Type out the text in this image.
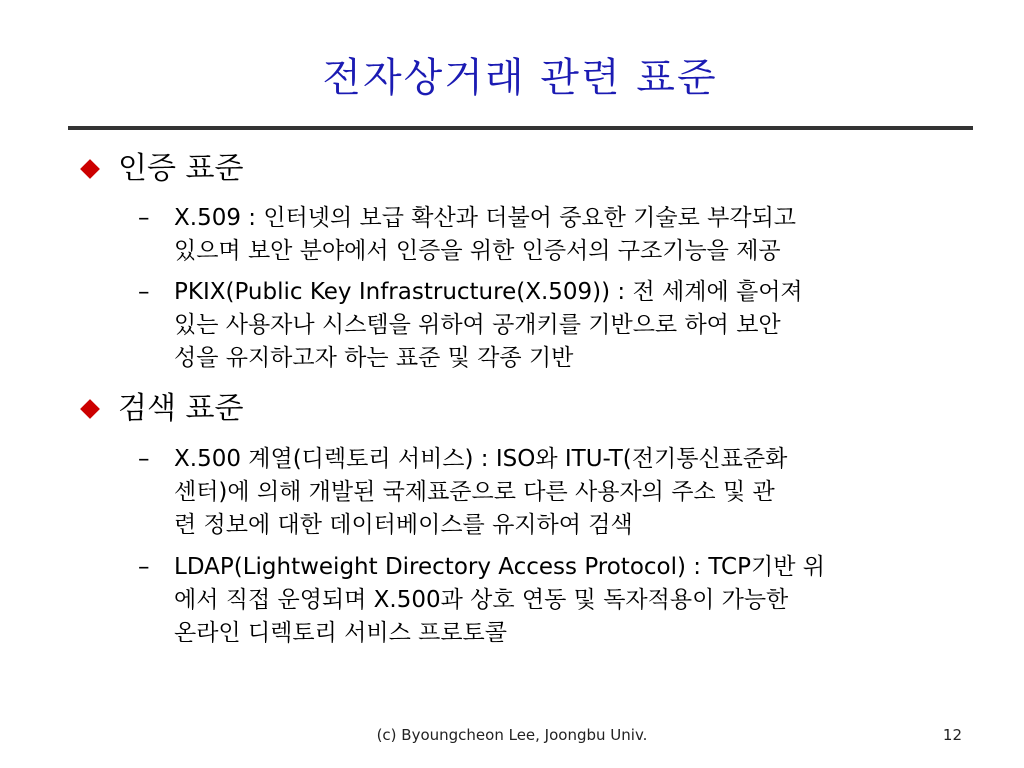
전자상거래 관련 표준
인증 표준
– X.509 : 인터넷의 보급 확산과 더불어 중요한 기술로 부각되고
있으며 보안 분야에서 인증을 위한 인증서의 구조기능을 제공
– PKIX(Public Key Infrastructure(X.509)) : 전 세계에 흩어져
있는 사용자나 시스템을 위하여 공개키를 기반으로 하여 보안
성을 유지하고자 하는 표준 및 각종 기반
검색 표준
– X.500 계열(디렉토리 서비스) : ISO와 ITU-T(전기통신표준화
센터)에 의해 개발된 국제표준으로 다른 사용자의 주소 및 관
련 정보에 대한 데이터베이스를 유지하여 검색
– LDAP(Lightweight Directory Access Protocol) : TCP기반 위
에서 직접 운영되며 X.500과 상호 연동 및 독자적용이 가능한
온라인 디렉토리 서비스 프로토콜
(c) Byoungcheon Lee, Joongbu Univ.	12
